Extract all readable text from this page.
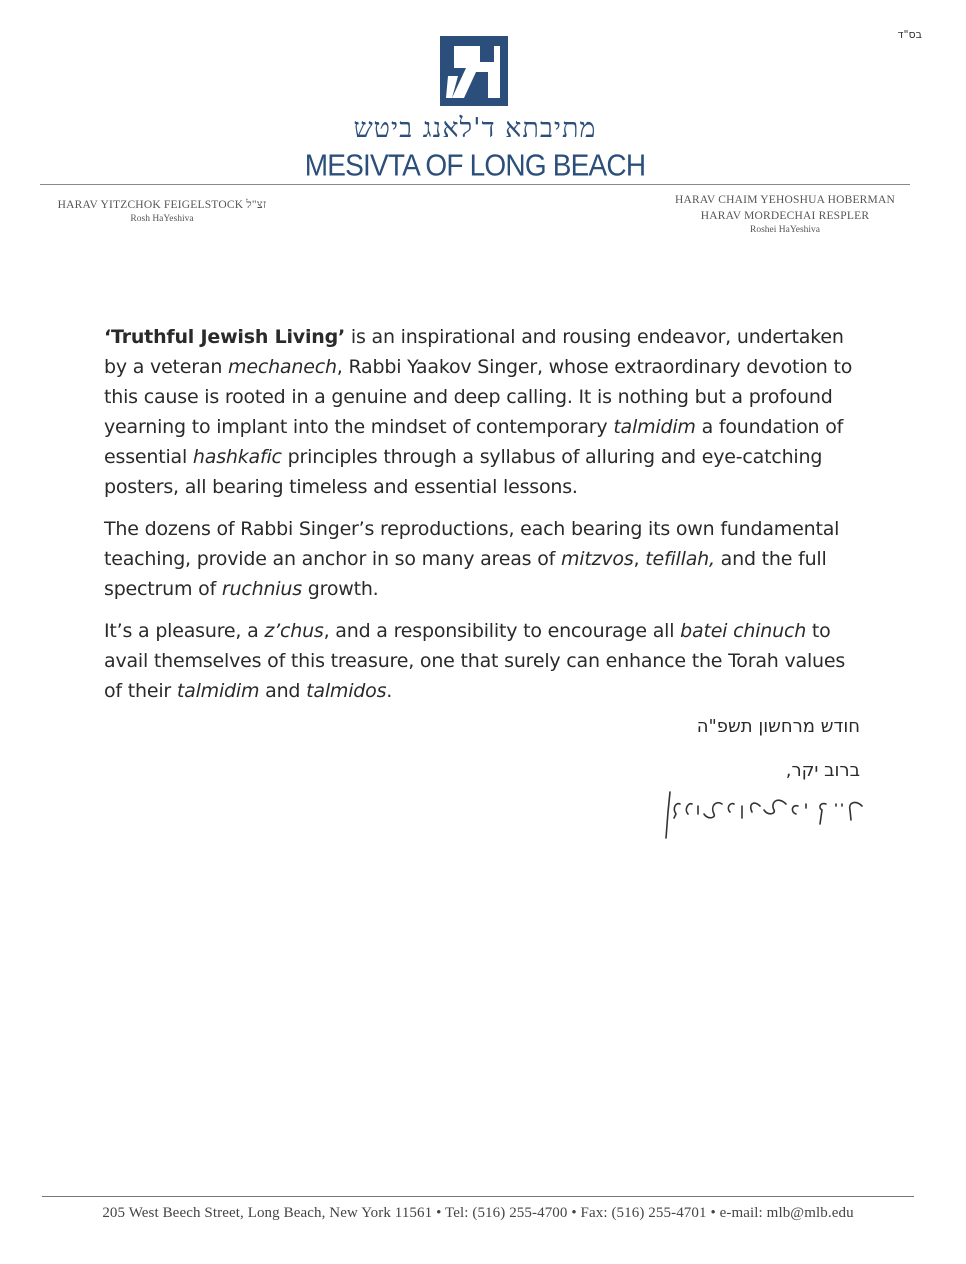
בס"ד
מתיבתא ד'לאנג ביטש
MESIVTA OF LONG BEACH
HARAV YITZCHOK FEIGELSTOCK זצ"ל
Rosh HaYeshiva
HARAV CHAIM YEHOSHUA HOBERMAN
HARAV MORDECHAI RESPLER
Roshei HaYeshiva

‘Truthful Jewish Living’ is an inspirational and rousing endeavor, undertaken by a veteran mechanech, Rabbi Yaakov Singer, whose extraordinary devotion to this cause is rooted in a genuine and deep calling. It is nothing but a profound yearning to implant into the mindset of contemporary talmidim a foundation of essential hashkafic principles through a syllabus of alluring and eye-catching posters, all bearing timeless and essential lessons.

The dozens of Rabbi Singer’s reproductions, each bearing its own fundamental teaching, provide an anchor in so many areas of mitzvos, tefillah, and the full spectrum of ruchnius growth.

It’s a pleasure, a z’chus, and a responsibility to encourage all batei chinuch to avail themselves of this treasure, one that surely can enhance the Torah values of their talmidim and talmidos.

חודש מרחשון תשפ"ה
ברוב יקר,
205 West Beech Street, Long Beach, New York 11561 • Tel: (516) 255-4700 • Fax: (516) 255-4701 • e-mail: mlb@mlb.edu
